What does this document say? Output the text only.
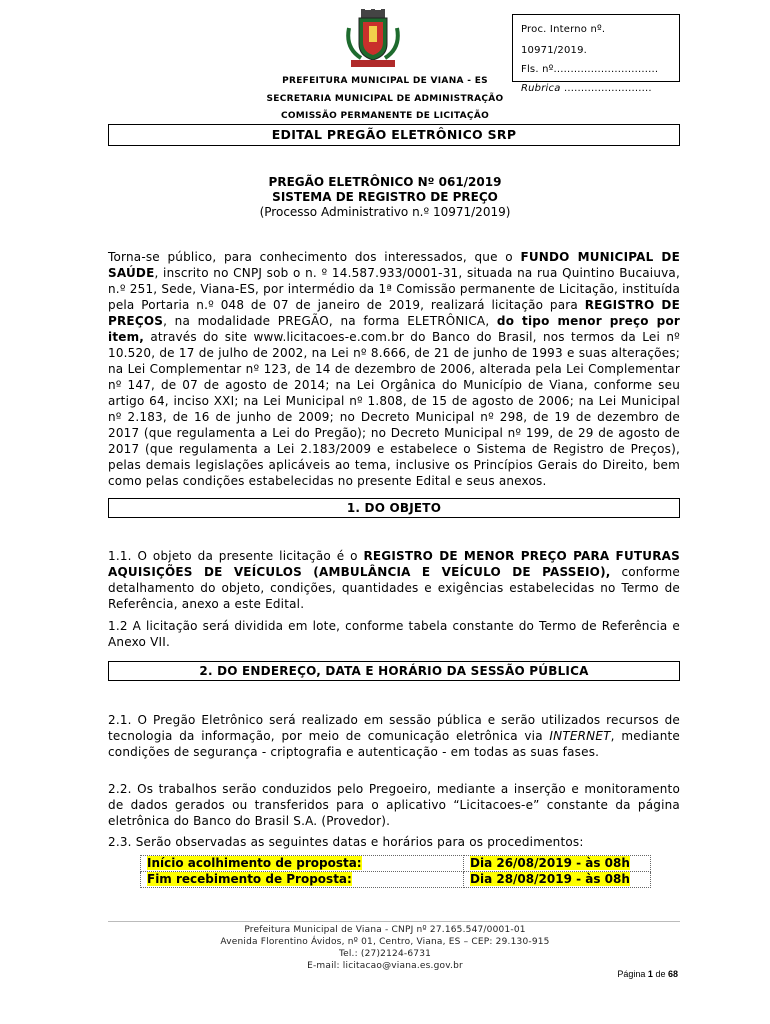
Proc. Interno nº. 10971/2019.
Fls. nº...............................
Rubrica ..........................
PREFEITURA MUNICIPAL DE VIANA - ES
SECRETARIA MUNICIPAL DE ADMINISTRAÇÃO
COMISSÃO PERMANENTE DE LICITAÇÃO
EDITAL PREGÃO ELETRÔNICO SRP
PREGÃO ELETRÔNICO Nº 061/2019
SISTEMA DE REGISTRO DE PREÇO
(Processo Administrativo n.º 10971/2019)
Torna-se público, para conhecimento dos interessados, que o FUNDO MUNICIPAL DE SAÚDE, inscrito no CNPJ sob o n. º 14.587.933/0001-31, situada na rua Quintino Bucaiuva, n.º 251, Sede, Viana-ES, por intermédio da 1ª Comissão permanente de Licitação, instituída pela Portaria n.º 048 de 07 de janeiro de 2019, realizará licitação para REGISTRO DE PREÇOS, na modalidade PREGÃO, na forma ELETRÔNICA, do tipo menor preço por item, através do site www.licitacoes-e.com.br do Banco do Brasil, nos termos da Lei nº 10.520, de 17 de julho de 2002, na Lei nº 8.666, de 21 de junho de 1993 e suas alterações; na Lei Complementar nº 123, de 14 de dezembro de 2006, alterada pela Lei Complementar nº 147, de 07 de agosto de 2014; na Lei Orgânica do Município de Viana, conforme seu artigo 64, inciso XXI; na Lei Municipal nº 1.808, de 15 de agosto de 2006; na Lei Municipal nº 2.183, de 16 de junho de 2009; no Decreto Municipal nº 298, de 19 de dezembro de 2017 (que regulamenta a Lei do Pregão); no Decreto Municipal nº 199, de 29 de agosto de 2017 (que regulamenta a Lei 2.183/2009 e estabelece o Sistema de Registro de Preços), pelas demais legislações aplicáveis ao tema, inclusive os Princípios Gerais do Direito, bem como pelas condições estabelecidas no presente Edital e seus anexos.
1. DO OBJETO
1.1. O objeto da presente licitação é o REGISTRO DE MENOR PREÇO PARA FUTURAS AQUISIÇÕES DE VEÍCULOS (AMBULÂNCIA E VEÍCULO DE PASSEIO), conforme detalhamento do objeto, condições, quantidades e exigências estabelecidas no Termo de Referência, anexo a este Edital.
1.2 A licitação será dividida em lote, conforme tabela constante do Termo de Referência e Anexo VII.
2. DO ENDEREÇO, DATA E HORÁRIO DA SESSÃO PÚBLICA
2.1. O Pregão Eletrônico será realizado em sessão pública e serão utilizados recursos de tecnologia da informação, por meio de comunicação eletrônica via INTERNET, mediante condições de segurança - criptografia e autenticação - em todas as suas fases.
2.2. Os trabalhos serão conduzidos pelo Pregoeiro, mediante a inserção e monitoramento de dados gerados ou transferidos para o aplicativo “Licitacoes-e” constante da página eletrônica do Banco do Brasil S.A. (Provedor).
2.3. Serão observadas as seguintes datas e horários para os procedimentos:
Início acolhimento de proposta:	Dia 26/08/2019 - às 08h
Fim recebimento de Proposta:	Dia 28/08/2019 - às 08h
Prefeitura Municipal de Viana - CNPJ nº 27.165.547/0001-01
Avenida Florentino Ávidos, nº 01, Centro, Viana, ES – CEP: 29.130-915
Tel.: (27)2124-6731
E-mail: licitacao@viana.es.gov.br
Página 1 de 68
